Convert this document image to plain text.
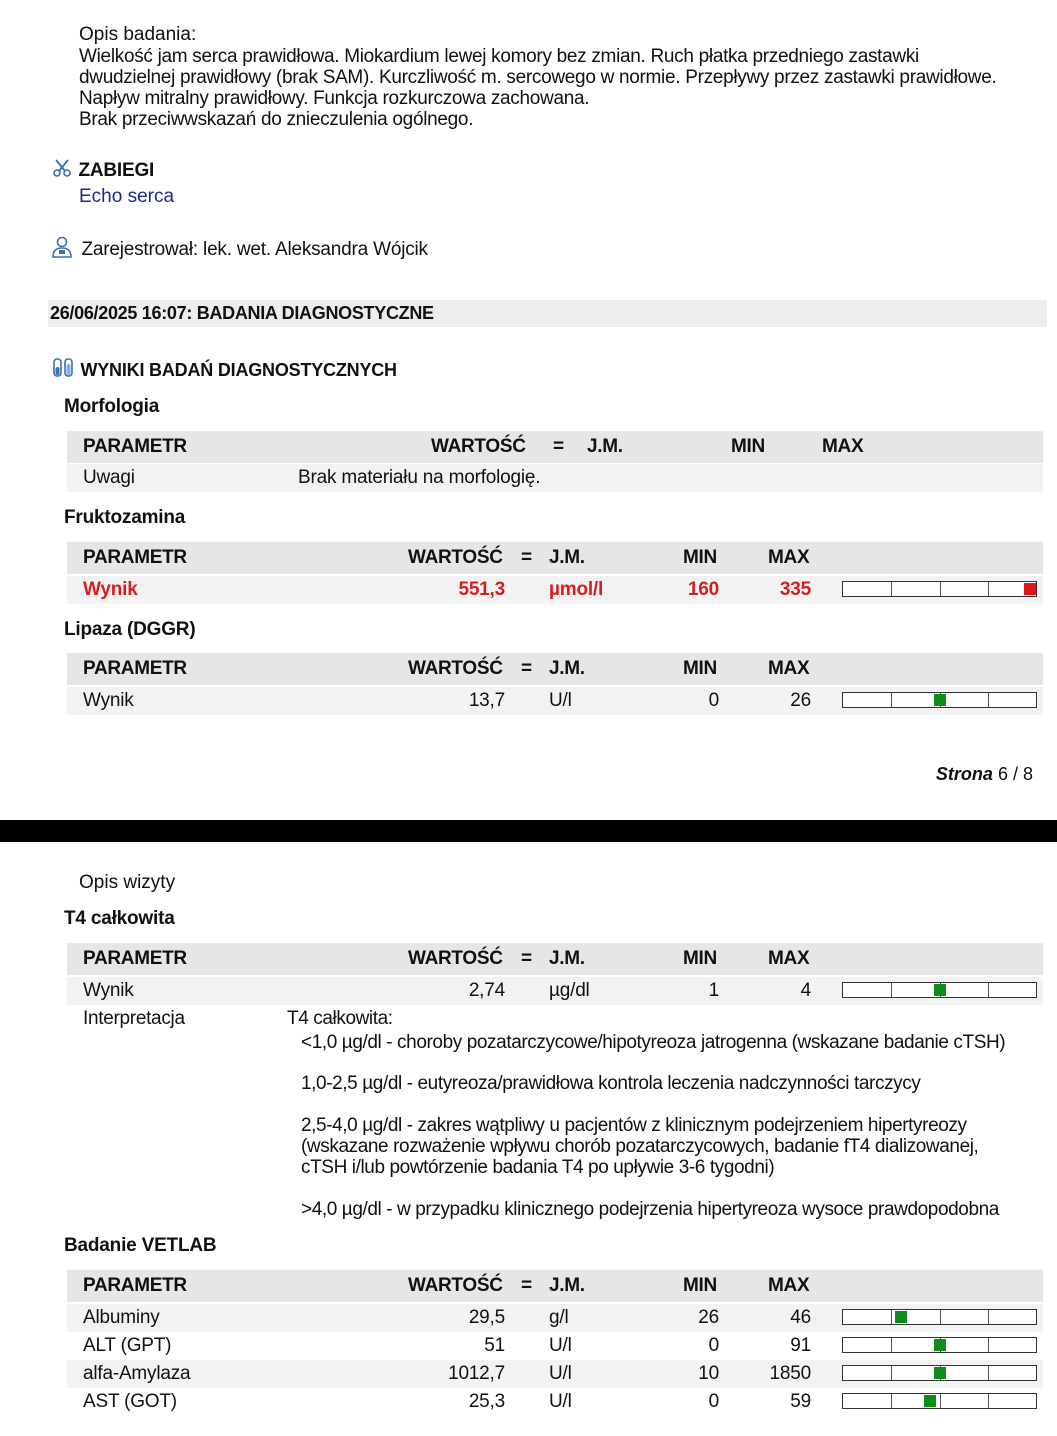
Opis badania:
Wielkość jam serca prawidłowa. Miokardium lewej komory bez zmian. Ruch płatka przedniego zastawki
dwudzielnej prawidłowy (brak SAM). Kurczliwość m. sercowego w normie. Przepływy przez zastawki prawidłowe.
Napływ mitralny prawidłowy. Funkcja rozkurczowa zachowana.
Brak przeciwwskazań do znieczulenia ogólnego.
ZABIEGI
Echo serca
Zarejestrował: lek. wet. Aleksandra Wójcik
26/06/2025 16:07: BADANIA DIAGNOSTYCZNE
WYNIKI BADAŃ DIAGNOSTYCZNYCH
Morfologia
PARAMETR	WARTOŚĆ = J.M.	MIN	MAX
Uwagi	Brak materiału na morfologię.
Fruktozamina
PARAMETR	WARTOŚĆ = J.M.	MIN	MAX
Wynik	551,3 µmol/l	160	335
Lipaza (DGGR)
PARAMETR	WARTOŚĆ = J.M.	MIN	MAX
Wynik	13,7 U/l	0	26
Strona 6 / 8
Opis wizyty
T4 całkowita
PARAMETR	WARTOŚĆ = J.M.	MIN	MAX
Wynik	2,74 µg/dl	1	4
Interpretacja	T4 całkowita:
<1,0 µg/dl - choroby pozatarczycowe/hipotyreoza jatrogenna (wskazane badanie cTSH)
1,0-2,5 µg/dl - eutyreoza/prawidłowa kontrola leczenia nadczynności tarczycy
2,5-4,0 µg/dl - zakres wątpliwy u pacjentów z klinicznym podejrzeniem hipertyreozy
(wskazane rozważenie wpływu chorób pozatarczycowych, badanie fT4 dializowanej,
cTSH i/lub powtórzenie badania T4 po upływie 3-6 tygodni)
>4,0 µg/dl - w przypadku klinicznego podejrzenia hipertyreoza wysoce prawdopodobna
Badanie VETLAB
PARAMETR	WARTOŚĆ = J.M.	MIN	MAX
Albuminy	29,5 g/l	26	46
ALT (GPT)	51 U/l	0	91
alfa-Amylaza	1012,7 U/l	10	1850
AST (GOT)	25,3 U/l	0	59
